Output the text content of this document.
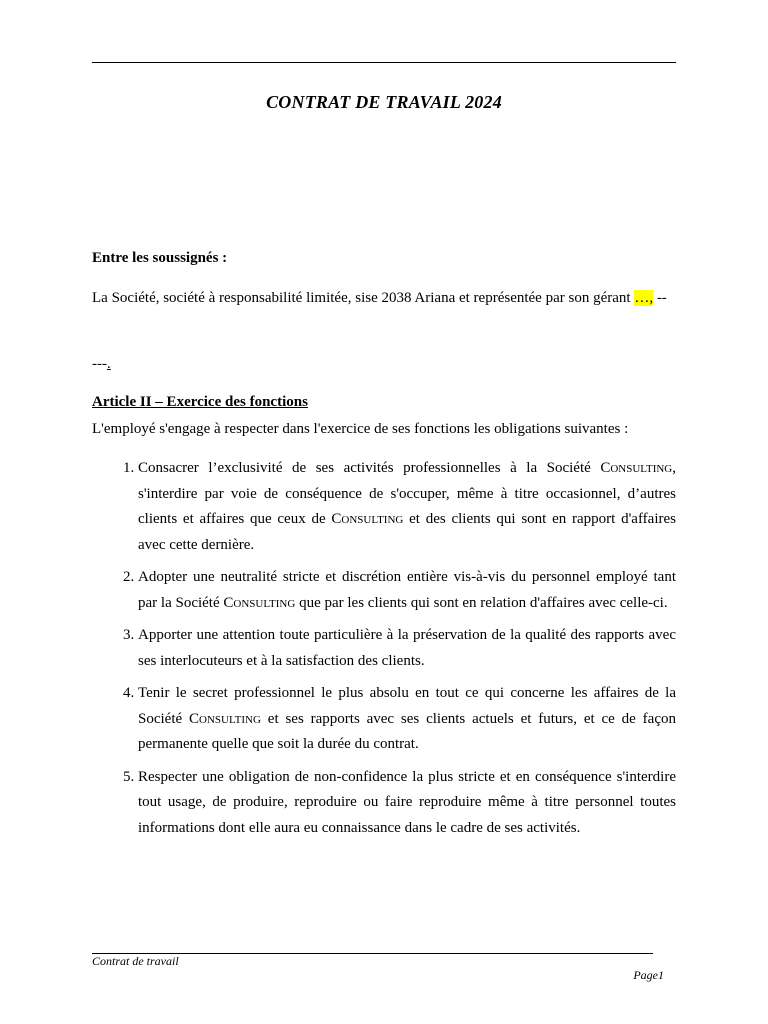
CONTRAT DE TRAVAIL 2024
Entre les soussignés :
La Société, société à responsabilité limitée, sise 2038 Ariana et représentée par son gérant …, --
---.
Article II – Exercice des fonctions
L'employé s'engage à respecter dans l'exercice de ses fonctions les obligations suivantes :
1. Consacrer l’exclusivité de ses activités professionnelles à la Société Consulting, s'interdire par voie de conséquence de s'occuper, même à titre occasionnel, d’autres clients et affaires que ceux de Consulting et des clients qui sont en rapport d'affaires avec cette dernière.
2. Adopter une neutralité stricte et discrétion entière vis-à-vis du personnel employé tant par la Société Consulting que par les clients qui sont en relation d'affaires avec celle-ci.
3. Apporter une attention toute particulière à la préservation de la qualité des rapports avec ses interlocuteurs et à la satisfaction des clients.
4. Tenir le secret professionnel le plus absolu en tout ce qui concerne les affaires de la Société Consulting et ses rapports avec ses clients actuels et futurs, et ce de façon permanente quelle que soit la durée du contrat.
5. Respecter une obligation de non-confidence la plus stricte et en conséquence s'interdire tout usage, de produire, reproduire ou faire reproduire même à titre personnel toutes informations dont elle aura eu connaissance dans le cadre de ses activités.
Contrat de travail
Page1
